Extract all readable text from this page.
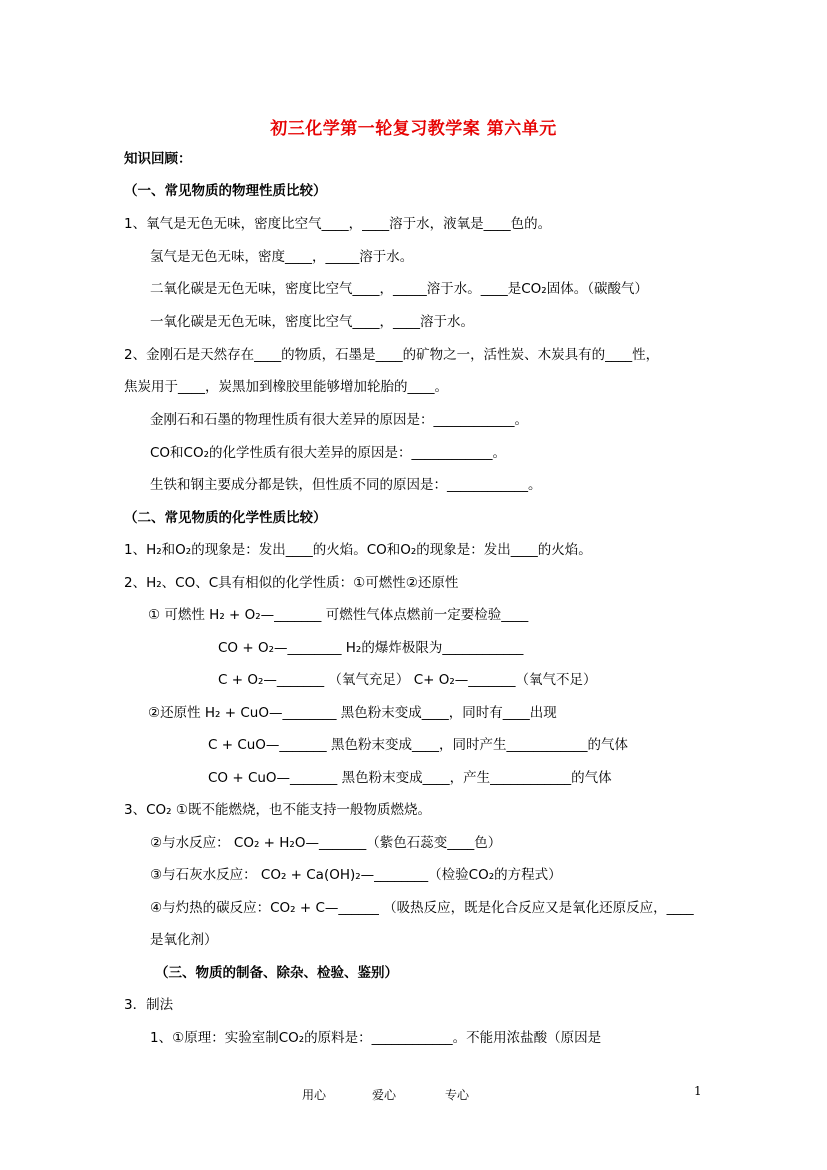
初三化学第一轮复习教学案 第六单元
知识回顾：
（一、常见物质的物理性质比较）
1、氧气是无色无味，密度比空气____，____溶于水，液氧是____色的。
氢气是无色无味，密度____，_____溶于水。
二氧化碳是无色无味，密度比空气____，_____溶于水。____是CO₂固体。（碳酸气）
一氧化碳是无色无味，密度比空气____，____溶于水。
2、金刚石是天然存在____的物质，石墨是____的矿物之一，活性炭、木炭具有的____性，
焦炭用于____，炭黑加到橡胶里能够增加轮胎的____。
金刚石和石墨的物理性质有很大差异的原因是：____________。
CO和CO₂的化学性质有很大差异的原因是：____________。
生铁和钢主要成分都是铁，但性质不同的原因是：____________。
（二、常见物质的化学性质比较）
1、H₂和O₂的现象是：发出____的火焰。CO和O₂的现象是：发出____的火焰。
2、H₂、CO、C具有相似的化学性质：①可燃性②还原性
① 可燃性 H₂ + O₂—_______ 可燃性气体点燃前一定要检验____
CO + O₂—________ H₂的爆炸极限为____________
C + O₂—_______ （氧气充足） C+ O₂—_______（氧气不足）
②还原性 H₂ + CuO—________ 黑色粉末变成____，同时有____出现
C + CuO—_______ 黑色粉末变成____，同时产生____________的气体
CO + CuO—_______ 黑色粉末变成____，产生____________的气体
3、CO₂ ①既不能燃烧，也不能支持一般物质燃烧。
②与水反应： CO₂ + H₂O—_______（紫色石蕊变____色）
③与石灰水反应： CO₂ + Ca(OH)₂—________（检验CO₂的方程式）
④与灼热的碳反应：CO₂ + C—______ （吸热反应，既是化合反应又是氧化还原反应，____
是氧化剂）
（三、物质的制备、除杂、检验、鉴别）
3．制法
1、①原理：实验室制CO₂的原料是：____________。不能用浓盐酸（原因是
用心	爱心	专心	1
